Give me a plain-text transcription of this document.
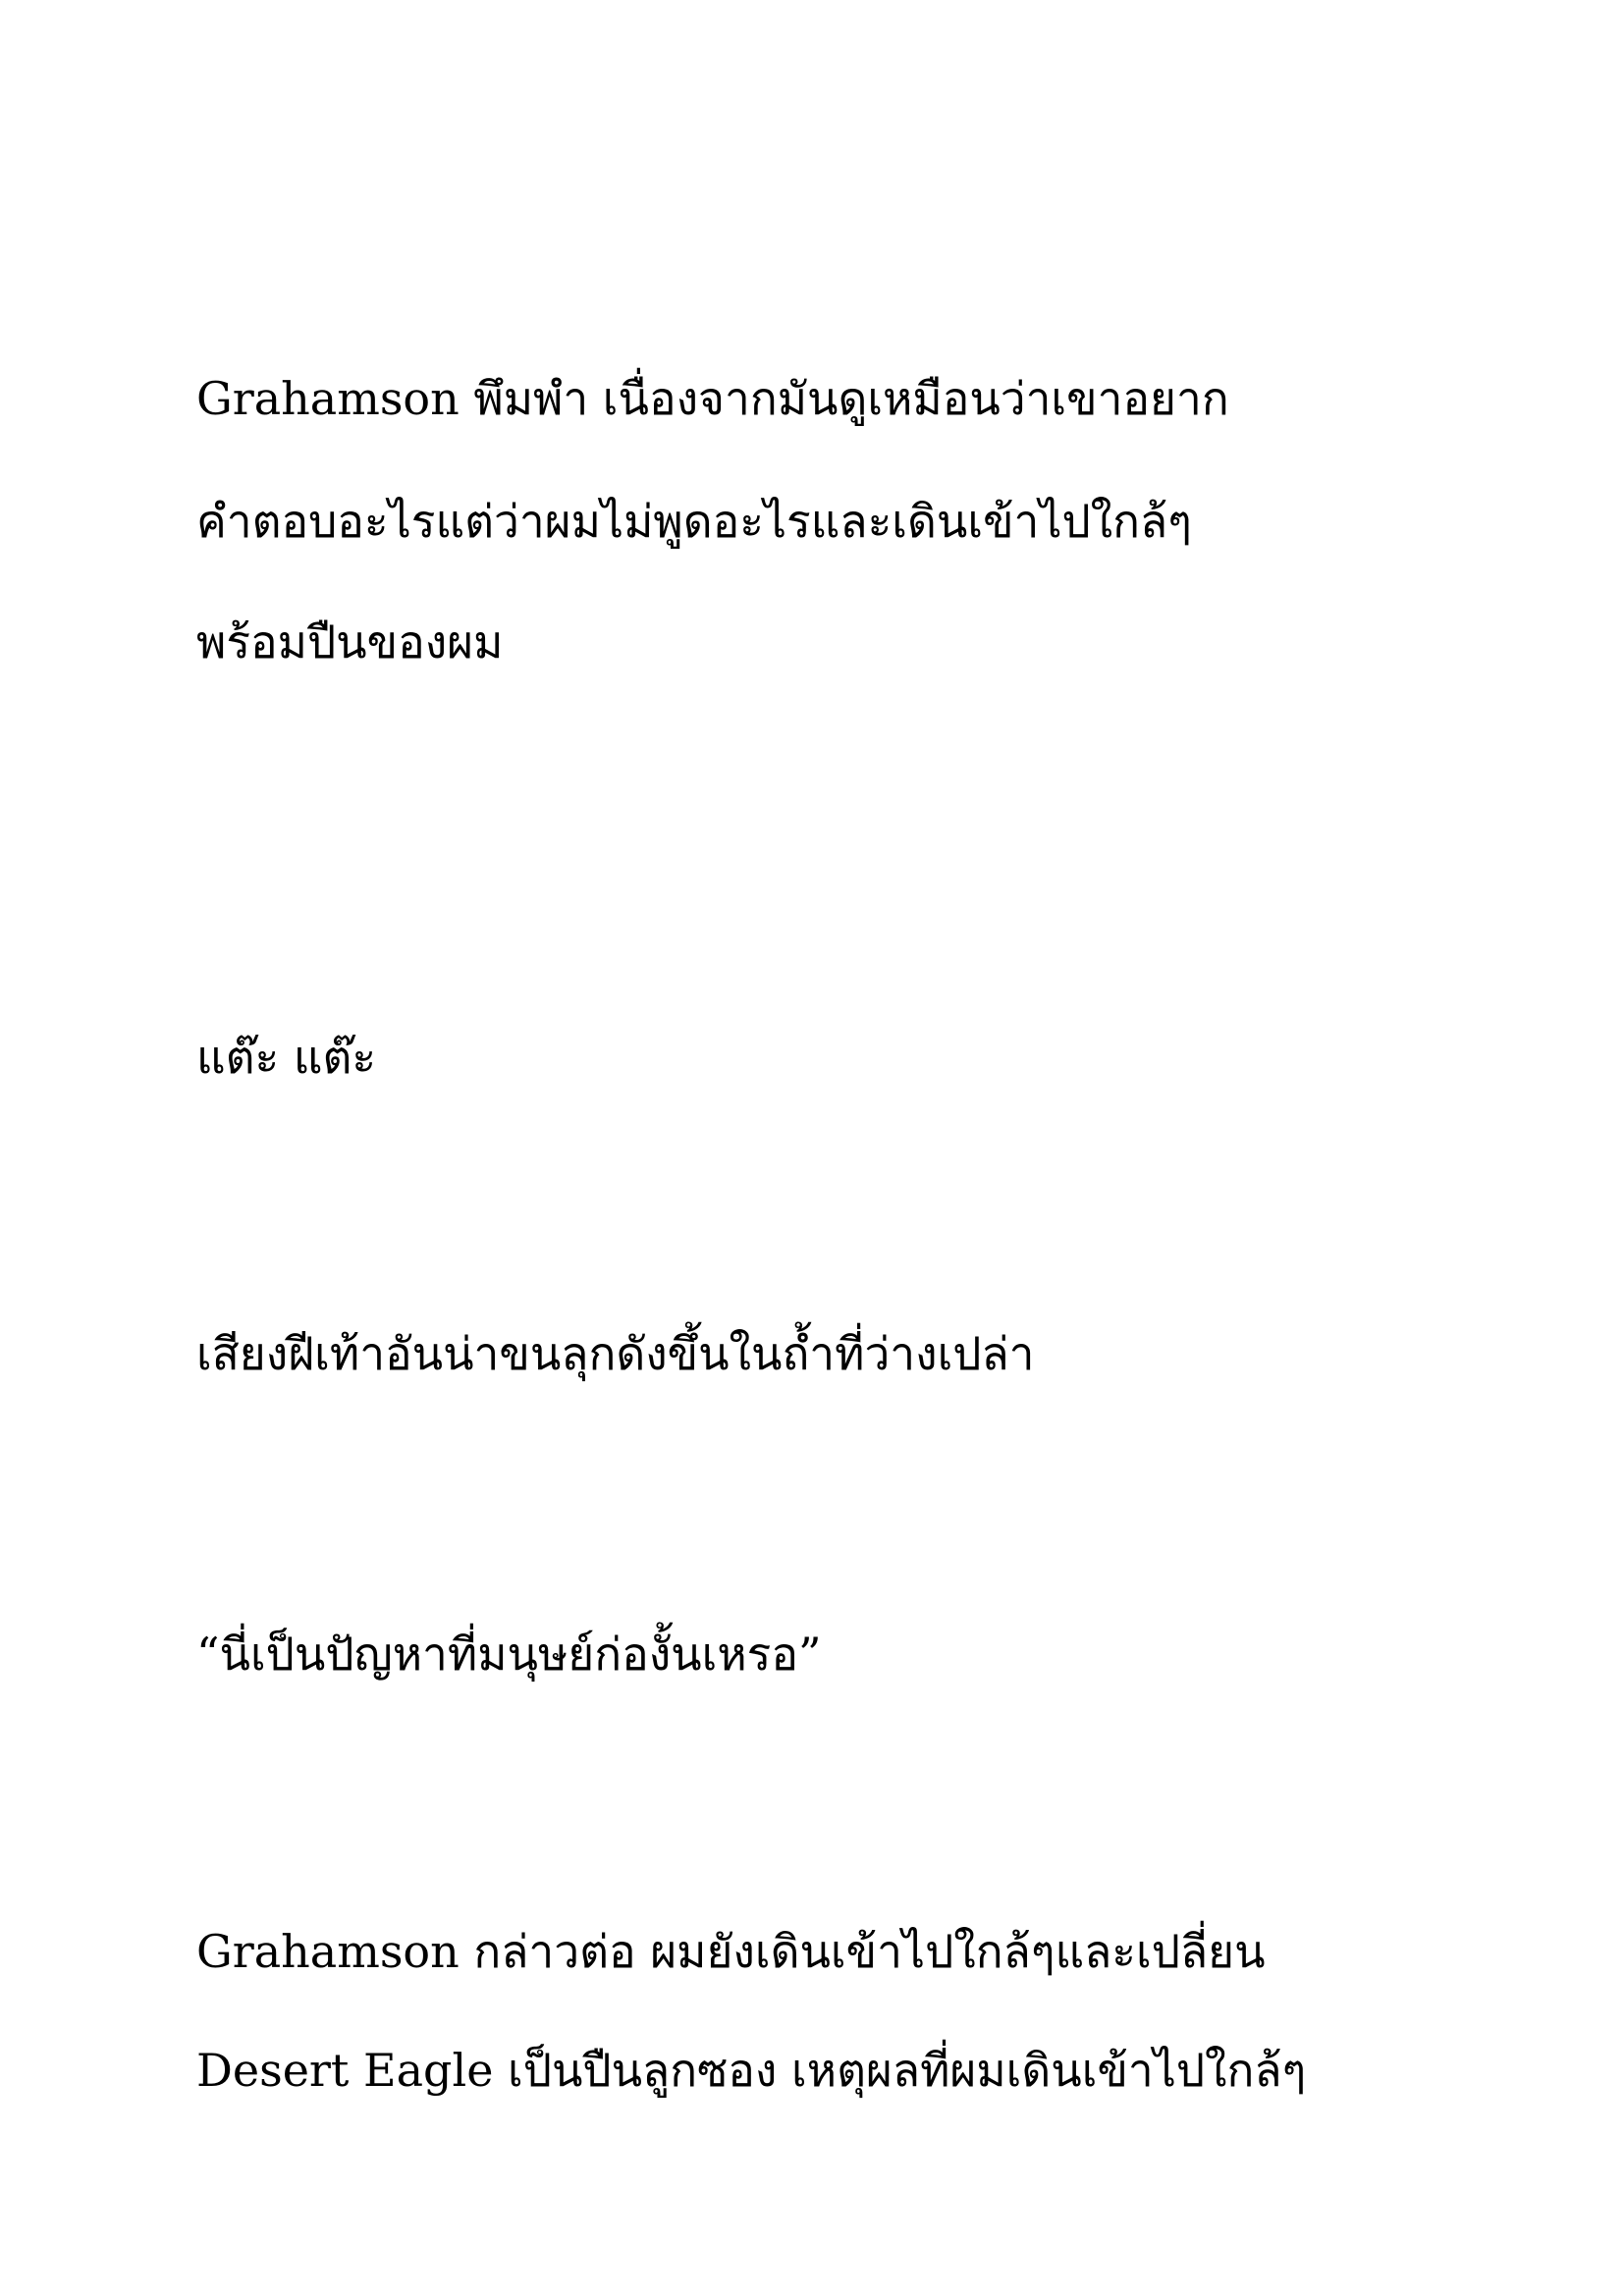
Grahamson พึมพำ เนื่องจากมันดูเหมือนว่าเขาอยาก

คำตอบอะไรแต่ว่าผมไม่พูดอะไรและเดินเข้าไปใกล้ๆ

พร้อมปืนของผม

แต๊ะ แต๊ะ

เสียงฝีเท้าอันน่าขนลุกดังขึ้นในถ้ำที่ว่างเปล่า

“นี่เป็นปัญหาที่มนุษย์ก่องั้นเหรอ”

Grahamson กล่าวต่อ ผมยังเดินเข้าไปใกล้ๆและเปลี่ยน

Desert Eagle เป็นปืนลูกซอง เหตุผลที่ผมเดินเข้าไปใกล้ๆ
